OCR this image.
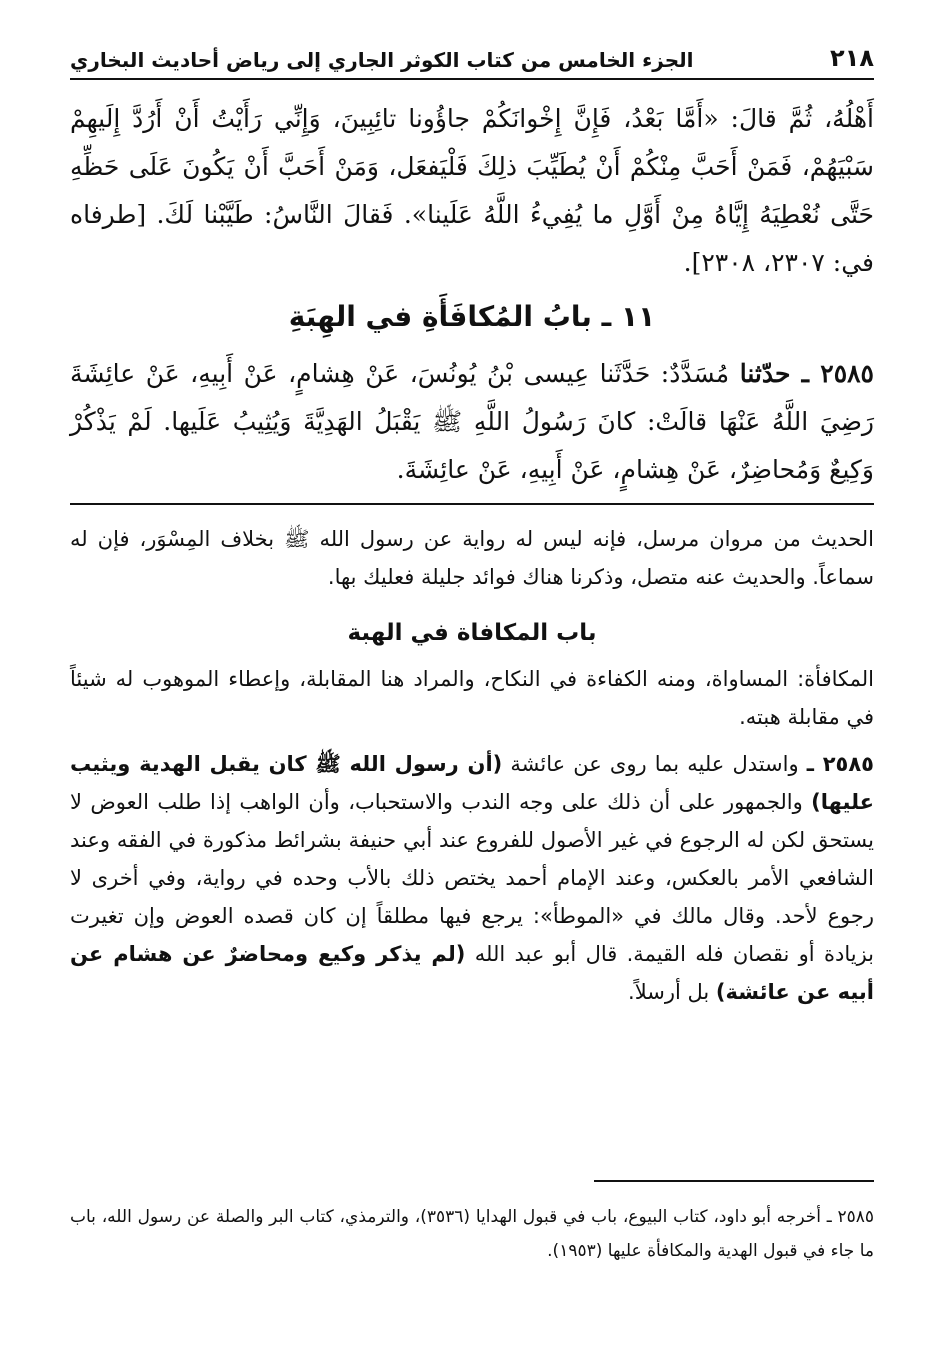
٢١٨
الجزء الخامس من كتاب الكوثر الجاري إلى رياض أحاديث البخاري

أَهْلُهُ، ثُمَّ قالَ: «أَمَّا بَعْدُ، فَإِنَّ إِخْوانَكُمْ جاؤُونا تائِبِينَ، وَإِنِّي رَأَيْتُ أَنْ أَرُدَّ إِلَيهِمْ سَبْيَهُمْ، فَمَنْ أَحَبَّ مِنْكُمْ أَنْ يُطَيِّبَ ذلِكَ فَلْيَفعَل، وَمَنْ أَحَبَّ أَنْ يَكُونَ عَلَى حَظِّهِ حَتَّى نُعْطِيَهُ إِيَّاهُ مِنْ أَوَّلِ ما يُفِيءُ اللَّهُ عَلَينا». فَقالَ النَّاسُ: طَيَّبْنا لَكَ. [طرفاه في: ٢٣٠٧، ٢٣٠٨].

١١ ـ بابُ المُكافَأَةِ في الهِبَةِ

٢٥٨٥ ـ حدّثنا مُسَدَّدٌ: حَدَّثَنا عِيسى بْنُ يُونُسَ، عَنْ هِشامٍ، عَنْ أَبِيهِ، عَنْ عائِشَةَ رَضِيَ اللَّهُ عَنْهَا قالَتْ: كانَ رَسُولُ اللَّهِ ﷺ يَقْبَلُ الهَدِيَّةَ وَيُثِيبُ عَلَيها. لَمْ يَذْكُرْ وَكِيعٌ وَمُحاضِرٌ، عَنْ هِشامٍ، عَنْ أَبِيهِ، عَنْ عائِشَةَ.

الحديث من مروان مرسل، فإنه ليس له رواية عن رسول الله ﷺ بخلاف المِسْوَر، فإن له سماعاً. والحديث عنه متصل، وذكرنا هناك فوائد جليلة فعليك بها.

باب المكافاة في الهبة

المكافأة: المساواة، ومنه الكفاءة في النكاح، والمراد هنا المقابلة، وإعطاء الموهوب له شيئاً في مقابلة هبته.

٢٥٨٥ ـ واستدل عليه بما روى عن عائشة (أن رسول الله ﷺ كان يقبل الهدية ويثيب عليها) والجمهور على أن ذلك على وجه الندب والاستحباب، وأن الواهب إذا طلب العوض لا يستحق لكن له الرجوع في غير الأصول للفروع عند أبي حنيفة بشرائط مذكورة في الفقه وعند الشافعي الأمر بالعكس، وعند الإمام أحمد يختص ذلك بالأب وحده في رواية، وفي أخرى لا رجوع لأحد. وقال مالك في «الموطأ»: يرجع فيها مطلقاً إن كان قصده العوض وإن تغيرت بزيادة أو نقصان فله القيمة. قال أبو عبد الله (لم يذكر وكيع ومحاضرٌ عن هشام عن أبيه عن عائشة) بل أرسلاً.

٢٥٨٥ ـ أخرجه أبو داود، كتاب البيوع، باب في قبول الهدايا (٣٥٣٦)، والترمذي، كتاب البر والصلة عن رسول الله، باب ما جاء في قبول الهدية والمكافأة عليها (١٩٥٣).
